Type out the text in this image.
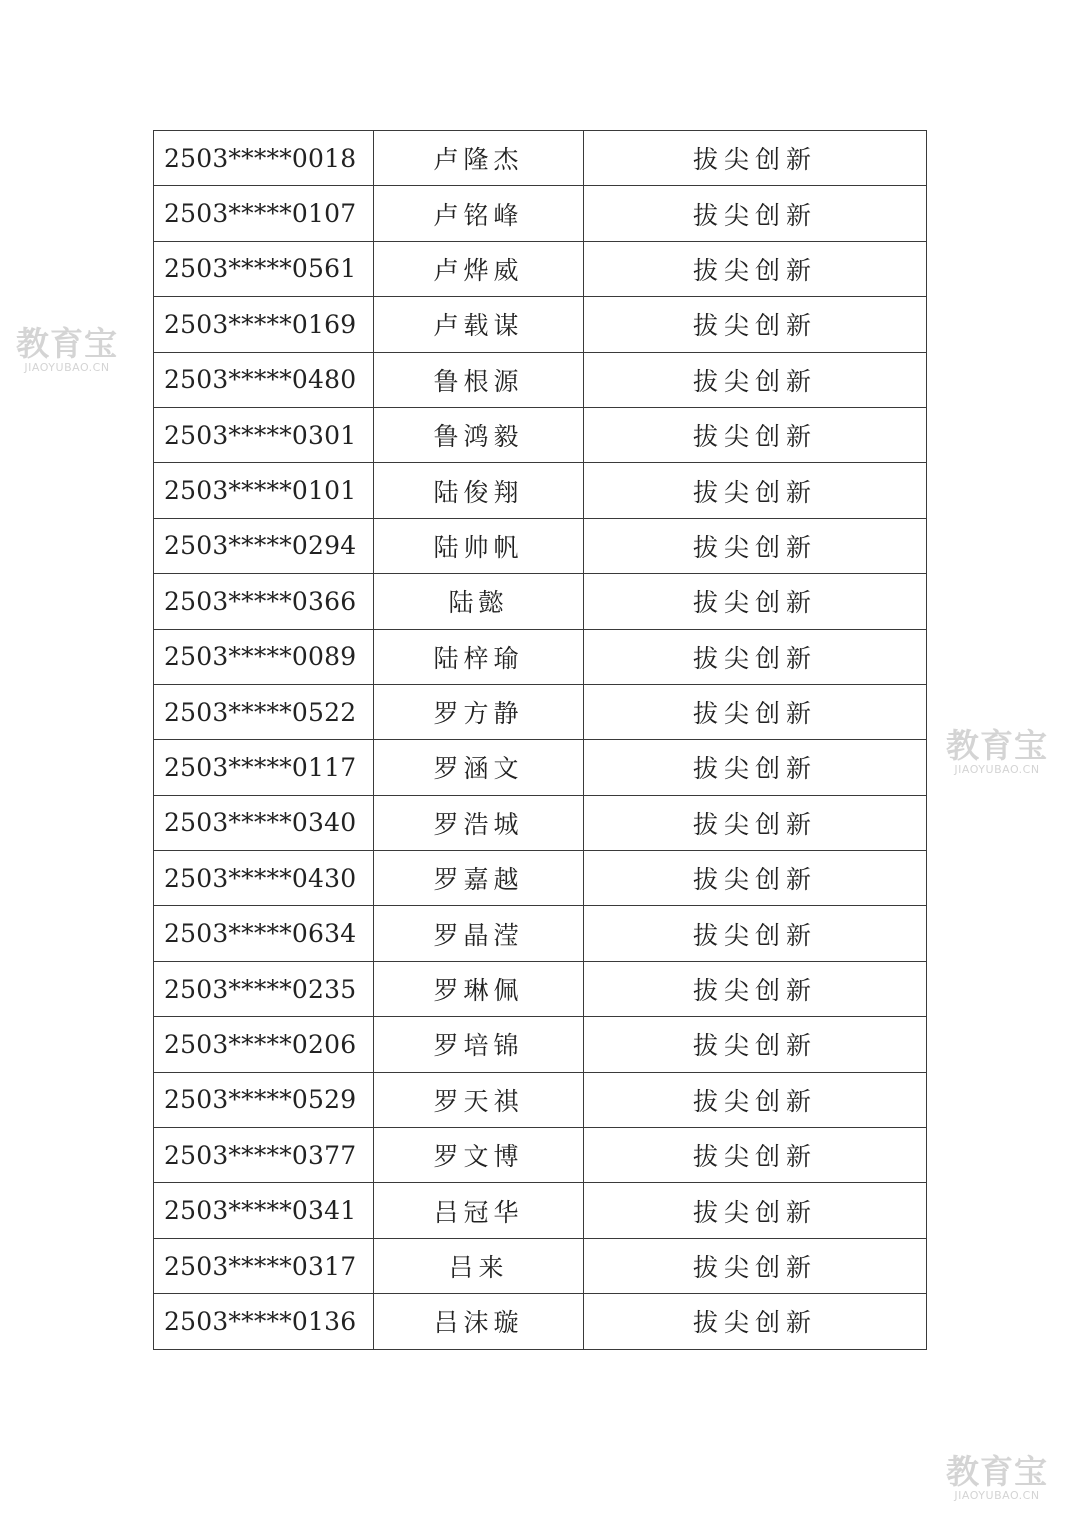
教育宝
JIAOYUBAO.CN
教育宝
JIAOYUBAO.CN
教育宝
JIAOYUBAO.CN
2503*****0018	卢隆杰	拔尖创新
2503*****0107	卢铭峰	拔尖创新
2503*****0561	卢烨威	拔尖创新
2503*****0169	卢载谋	拔尖创新
2503*****0480	鲁根源	拔尖创新
2503*****0301	鲁鸿毅	拔尖创新
2503*****0101	陆俊翔	拔尖创新
2503*****0294	陆帅帆	拔尖创新
2503*****0366	陆懿	拔尖创新
2503*****0089	陆梓瑜	拔尖创新
2503*****0522	罗方静	拔尖创新
2503*****0117	罗涵文	拔尖创新
2503*****0340	罗浩城	拔尖创新
2503*****0430	罗嘉越	拔尖创新
2503*****0634	罗晶滢	拔尖创新
2503*****0235	罗琳佩	拔尖创新
2503*****0206	罗培锦	拔尖创新
2503*****0529	罗天祺	拔尖创新
2503*****0377	罗文博	拔尖创新
2503*****0341	吕冠华	拔尖创新
2503*****0317	吕来	拔尖创新
2503*****0136	吕沫璇	拔尖创新
